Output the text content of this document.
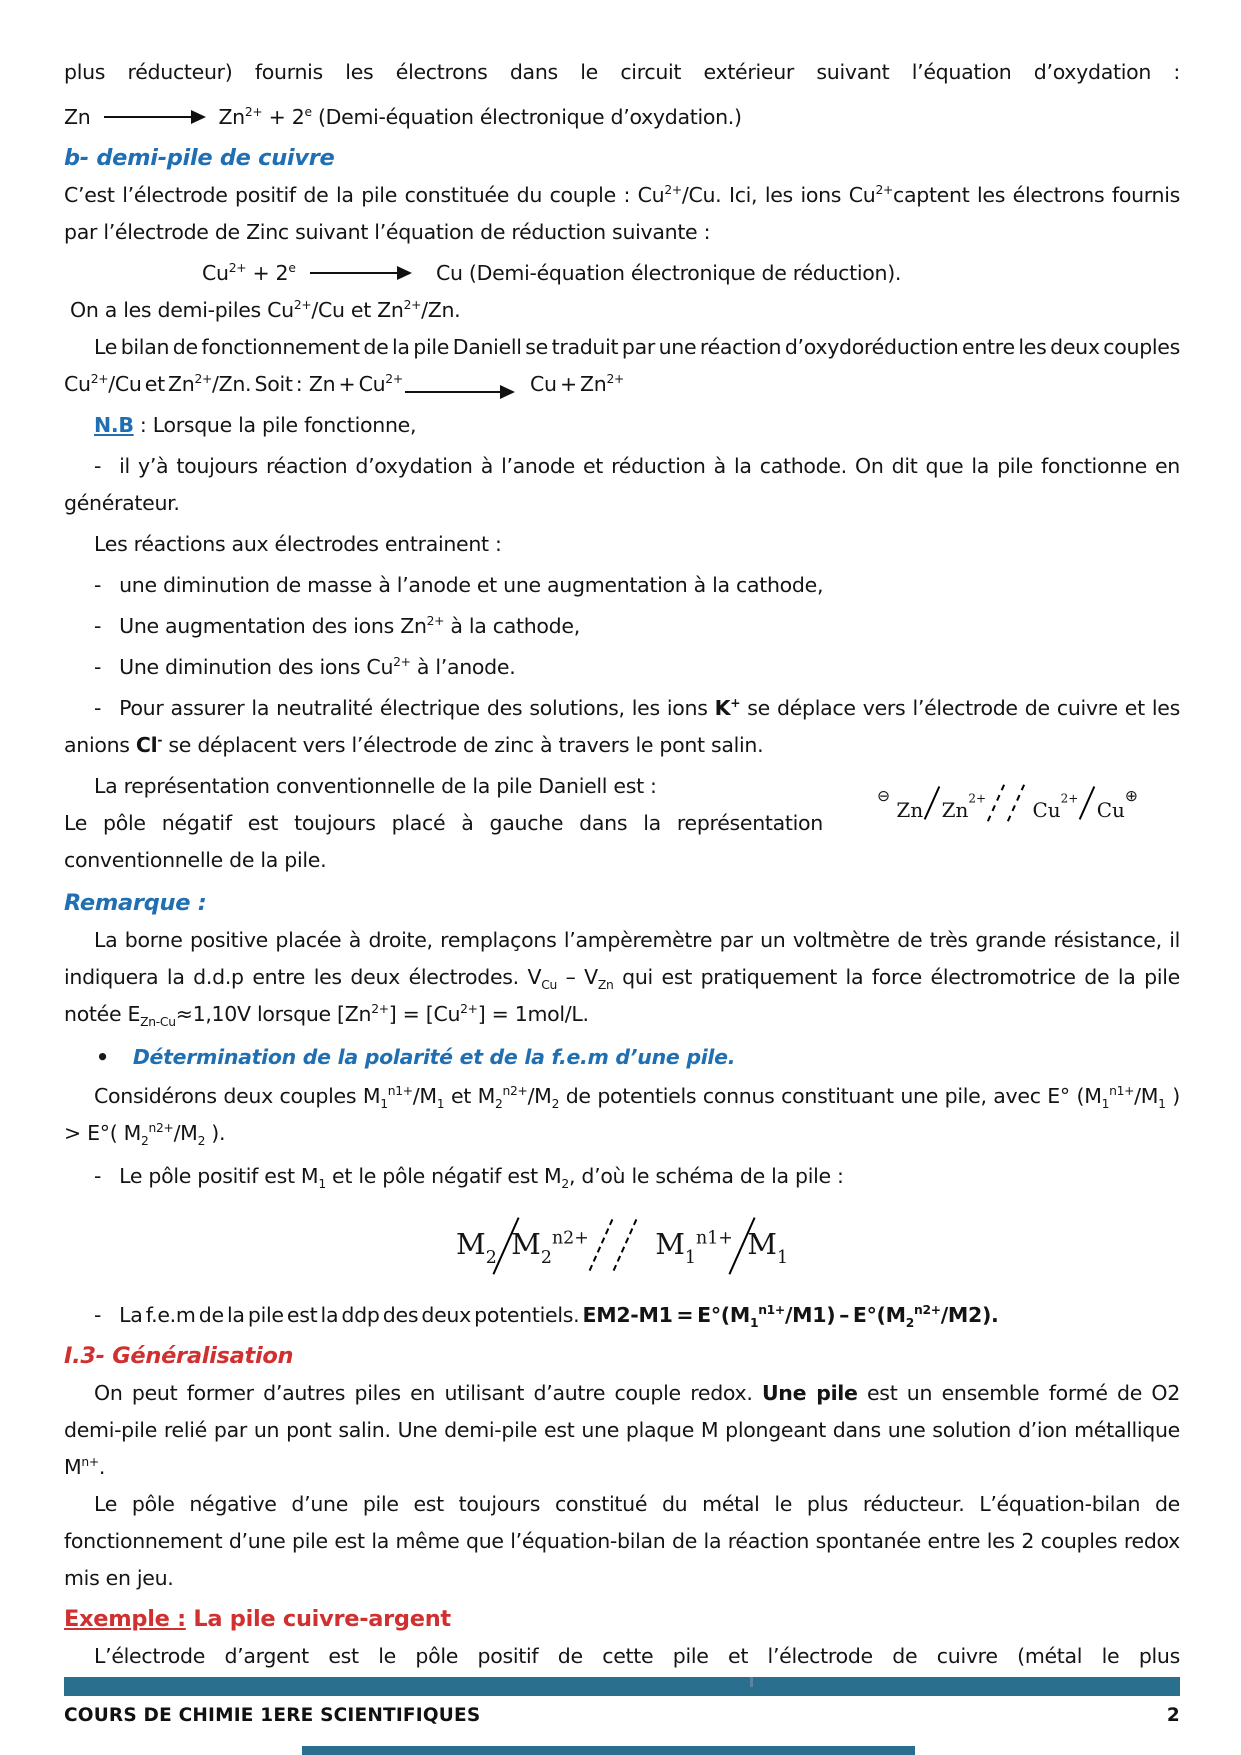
plus réducteur) fournis les électrons dans le circuit extérieur suivant l’équation d’oxydation :

Zn	$Zn^{2+} + 2^e$ (Demi-équation électronique d’oxydation.)
b- demi-pile de cuivre

C’est l’électrode positif de la pile constituée du couple : $Cu^{2+}/Cu$. Ici, les ions $Cu^{2+}captent$ les électrons fournis par l’électrode de Zinc suivant l’équation de réduction suivante :

$Cu^{2+} + 2^e$	Cu (Demi-équation électronique de réduction).

On a les demi-piles $Cu^{2+}/Cu$ et $Zn^{2+}/Zn$.

Le bilan de fonctionnement de la pile Daniell se traduit par une réaction d’oxydoréduction entre les deux couples $Cu^{2+}/Cu$ et $Zn^{2+}/Zn$. Soit :  $Zn + Cu^{2+}$	$Cu + Zn^{2+}$

N.B : Lorsque la pile fonctionne,

- il y’à toujours réaction d’oxydation à l’anode et réduction à la cathode. On dit que la pile fonctionne en générateur.

Les réactions aux électrodes entrainent :

- une diminution de masse à l’anode et une augmentation à la cathode,

- Une augmentation des ions $Zn^{2+}$ à la cathode,

- Une diminution des ions $Cu^{2+}$ à l’anode.

- Pour assurer la neutralité électrique des solutions, les ions K+ se déplace vers l’électrode de cuivre et les anions Cl- se déplacent vers l’électrode de zinc à travers le pont salin.

⊖ Zn $Zn^{2+}$ $Cu^{2+}$ Cu⊕

La représentation conventionnelle de la pile Daniell est :

Le pôle négatif est toujours placé à gauche dans la représentation conventionnelle de la pile.

Remarque :

La borne positive placée à droite, remplaçons l’ampèremètre par un voltmètre de très grande résistance, il indiquera la d.d.p entre les deux électrodes. $V_{Cu} - V_{Zn}$ qui est pratiquement la force électromotrice de la pile notée $E_{Zn-Cu}\approx 1,10V$ lorsque $[Zn^{2+}] = [Cu^{2+}] = 1mol/L$.

• Détermination de la polarité et de la f.e.m d’une pile.

Considérons deux couples $M_1^{n1+}/M_1$ et $M_2^{n2+}/M_2$ de potentiels connus constituant une pile, avec E° ($M_1^{n1+}/M_1$ ) > E°( $M_2^{n2+}/M_2$ ).

- Le pôle positif est $M_1$ et le pôle négatif est $M_2$, d’où le schéma de la pile :

$M_2$ $M_2^{n2+}$  $M_1^{n1+}$ $M_1$

- La f.e.m de la pile est la ddp des deux potentiels. $EM2-M1 = E^\circ(M_1^{n1+}/M1) - E^\circ(M_2^{n2+}/M2)$.

I.3- Généralisation

On peut former d’autres piles en utilisant d’autre couple redox. Une pile est un ensemble formé de O2 demi-pile relié par un pont salin. Une demi-pile est une plaque M plongeant dans une solution d’ion métallique $M^{n+}$.

Le pôle négative d’une pile est toujours constitué du métal le plus réducteur. L’équation-bilan de fonctionnement d’une pile est la même que l’équation-bilan de la réaction spontanée entre les 2 couples redox mis en jeu.

Exemple : La pile cuivre-argent

L’électrode d’argent est le pôle positif de cette pile et l’électrode de cuivre (métal le plus

COURS DE CHIMIE 1ERE SCIENTIFIQUES	2
